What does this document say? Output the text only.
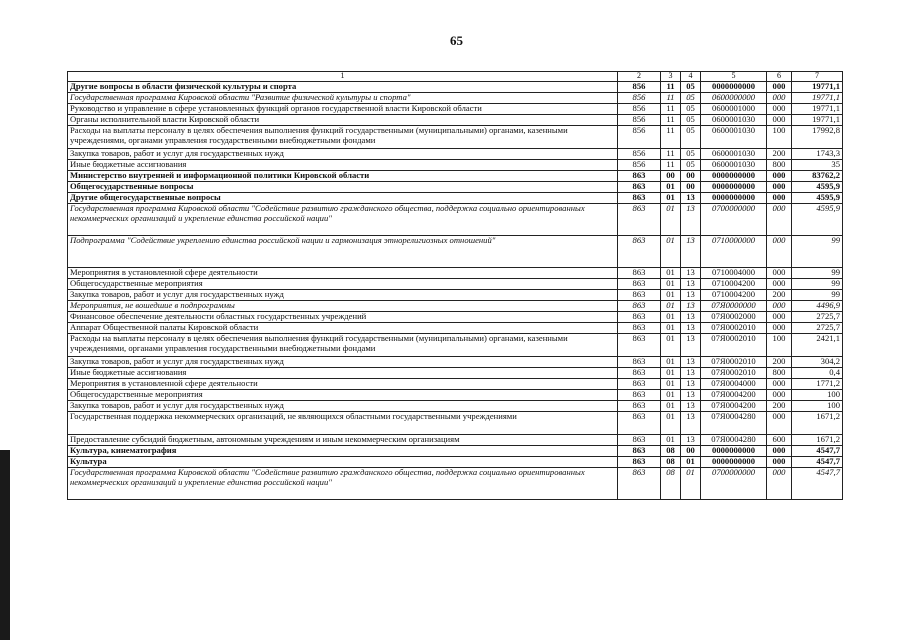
65
1	2	3	4	5	6	7
Другие вопросы в области физической культуры и спорта	856	11	05	0000000000	000	19771,1
Государственная программа Кировской области "Развитие физической культуры и спорта"	856	11	05	0600000000	000	19771,1
Руководство и управление в сфере установленных функций органов государственной власти Кировской области	856	11	05	0600001000	000	19771,1
Органы исполнительной власти Кировской области	856	11	05	0600001030	000	19771,1
Расходы на выплаты персоналу в целях обеспечения выполнения функций государственными (муниципальными) органами, казенными учреждениями, органами управления государственными внебюджетными фондами	856	11	05	0600001030	100	17992,8
Закупка товаров, работ и услуг для государственных нужд	856	11	05	0600001030	200	1743,3
Иные бюджетные ассигнования	856	11	05	0600001030	800	35
Министерство внутренней и информационной политики Кировской области	863	00	00	0000000000	000	83762,2
Общегосударственные вопросы	863	01	00	0000000000	000	4595,9
Другие общегосударственные вопросы	863	01	13	0000000000	000	4595,9
Государственная программа Кировской области "Содействие развитию гражданского общества, поддержка социально ориентированных некоммерческих организаций и укрепление единства российской нации"	863	01	13	0700000000	000	4595,9
Подпрограмма "Содействие укреплению единства российской нации и гармонизация этнорелигиозных отношений"	863	01	13	0710000000	000	99
Мероприятия в установленной сфере деятельности	863	01	13	0710004000	000	99
Общегосударственные мероприятия	863	01	13	0710004200	000	99
Закупка товаров, работ и услуг для государственных нужд	863	01	13	0710004200	200	99
Мероприятия, не вошедшие в подпрограммы	863	01	13	07Я0000000	000	4496,9
Финансовое обеспечение деятельности областных государственных учреждений	863	01	13	07Я0002000	000	2725,7
Аппарат Общественной палаты Кировской области	863	01	13	07Я0002010	000	2725,7
Расходы на выплаты персоналу в целях обеспечения выполнения функций государственными (муниципальными) органами, казенными учреждениями, органами управления государственными внебюджетными фондами	863	01	13	07Я0002010	100	2421,1
Закупка товаров, работ и услуг для государственных нужд	863	01	13	07Я0002010	200	304,2
Иные бюджетные ассигнования	863	01	13	07Я0002010	800	0,4
Мероприятия в установленной сфере деятельности	863	01	13	07Я0004000	000	1771,2
Общегосударственные мероприятия	863	01	13	07Я0004200	000	100
Закупка товаров, работ и услуг для государственных нужд	863	01	13	07Я0004200	200	100
Государственная поддержка некоммерческих организаций, не являющихся областными государственными учреждениями	863	01	13	07Я0004280	000	1671,2
Предоставление субсидий бюджетным, автономным учреждениям и иным некоммерческим организациям	863	01	13	07Я0004280	600	1671,2
Культура, кинематография	863	08	00	0000000000	000	4547,7
Культура	863	08	01	0000000000	000	4547,7
Государственная программа Кировской области "Содействие развитию гражданского общества, поддержка социально ориентированных некоммерческих организаций и укрепление единства российской нации"	863	08	01	0700000000	000	4547,7
